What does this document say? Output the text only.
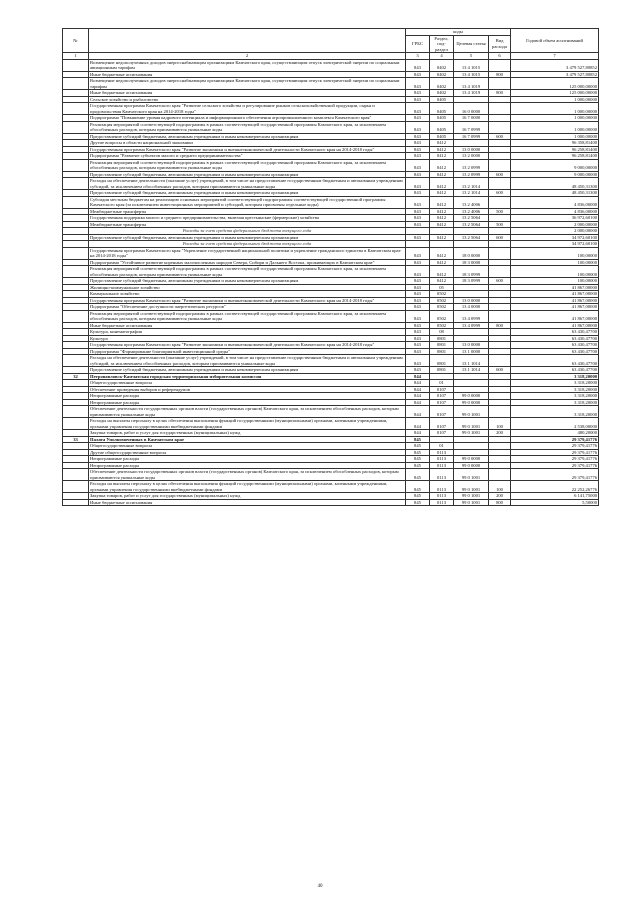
№		коды				Годовой объем ассигнований
		ГРБС	Раздел, под-раздел	Целевая статья	Вид расхода	
1	2	3	4	5	6	7
	Возмещение недополученных доходов энергоснабжающим организациям Камчатского края, осуществляющим отпуск электрической энергии по социальным авиационным тарифам	843	0402	13 4 1015		3 479 527,80852
	Иные бюджетные ассигнования	843	0402	13 4 1015	800	3 479 527,80852
	Возмещение недополученных доходов энергоснабжающим организациям Камчатского края, осуществляющим отпуск электрической энергии по социальным тарифам	843	0402	13 4 1019		125 000,00000
	Иные бюджетные ассигнования	843	0402	13 4 1019	800	125 000,00000
	Сельское хозяйство и рыболовство	843	0405			1 000,00000
	Государственная программа Камчатского края "Развитие сельского хозяйства и регулирование рынков сельскохозяйственной продукции, сырья и продовольствия Камчатского края на 2014-2018 годы"	843	0405	16 0 0000		1 000,00000
	Подпрограмма "Повышение уровня кадрового потенциала и информационного обеспечения агропромышленного комплекса Камчатского края"	843	0405	16 7 0000		1 000,00000
	Реализация мероприятий соответствующей подпрограммы в рамках соответствующей государственной программы Камчатского края, за исключением обособленных расходов, которым присваиваются уникальные коды	843	0405	16 7 0999		1 000,00000
	Предоставление субсидий бюджетным, автономным учреждениям и иным некоммерческим организациям	843	0405	16 7 0999	600	1 000,00000
	Другие вопросы в области национальной экономики	843	0412			96 358,81400
	Государственная программа Камчатского края "Развитие экономики и внешнеэкономической деятельности Камчатского края на 2014-2018 годы"	843	0412	13 0 0000		96 258,81400
	Подпрограмма "Развитие субъектов малого и среднего предпринимательства"	843	0412	13 2 0000		96 258,81400
	Реализация мероприятий соответствующей подпрограммы в рамках соответствующей государственной программы Камчатского края, за исключением обособленных расходов, которым присваиваются уникальные коды	843	0412	13 2 0999		9 000,00000
	Предоставление субсидий бюджетным, автономным учреждениям и иным некоммерческим организациям	843	0412	13 2 0999	600	9 000,00000
	Расходы на обеспечение деятельности (оказание услуг) учреждений, в том числе на предоставление государственным бюджетным и автономным учреждениям субсидий, за исключением обособленных расходов, которым присваиваются уникальные коды	843	0412	13 2 1014		48 450,31300
	Предоставление субсидий бюджетным, автономным учреждениям и иным некоммерческим организациям	843	0412	13 2 1014	600	48 450,31300
	Субсидия местным бюджетам на реализацию основных мероприятий соответствующей подпрограммы соответствующей государственной программы Камчатского края (за исключением инвестиционных мероприятий и субсидий, которым присвоены отдельные коды)	843	0412	13 2 4006		4 836,00000
	Межбюджетные трансферты	843	0412	13 2 4006	500	4 836,00000
	Государственная поддержка малого и среднего предпринимательства, включая крестьянские (фермерские) хозяйства	843	0412	13 2 5064		36 972,60100
	Межбюджетные трансферты	843	0412	13 2 5064	500	2 000,00000
	Расходы за счет средств федерального бюджета текущего года					2 000,00000
	Предоставление субсидий бюджетным, автономным учреждениям и иным некоммерческим организациям	843	0412	13 2 5064	600	34 972,60100
	Расходы за счет средств федерального бюджета текущего года					34 972,60100
	Государственная программа Камчатского края "Укрепление государственной национальной политики и укрепление гражданского единства в Камчатском крае на 2014-2018 годы"	843	0412	18 0 0000		100,00000
	Подпрограмма "Устойчивое развитие коренных малочисленных народов Севера, Сибири и Дальнего Востока, проживающих в Камчатском крае"	843	0412	18 3 0000		100,00000
	Реализация мероприятий соответствующей подпрограммы в рамках соответствующей государственной программы Камчатского края, за исключением обособленных расходов, которым присваиваются уникальные коды	843	0412	18 3 0999		100,00000
	Предоставление субсидий бюджетным, автономным учреждениям и иным некоммерческим организациям	843	0412	18 3 0999	600	100,00000
	Жилищно-коммунальное хозяйство	843	05			41 867,00000
	Коммунальное хозяйство	843	0502			41 867,00000
	Государственная программа Камчатского края "Развитие экономики и внешнеэкономической деятельности Камчатского края на 2014-2018 годы"	843	0502	13 0 0000		41 867,00000
	Подпрограмма "Обеспечение доступности энергетических ресурсов"	843	0502	13 4 0000		41 867,00000
	Реализация мероприятий соответствующей подпрограммы в рамках соответствующей государственной программы Камчатского края, за исключением обособленных расходов, которым присваиваются уникальные коды	843	0502	13 4 0999		41 867,00000
	Иные бюджетные ассигнования	843	0502	13 4 0999	800	41 867,00000
	Культура, кинематография	843	08			63 430,47700
	Культура	843	0801			63 430,47700
	Государственная программа Камчатского края "Развитие экономики и внешнеэкономической деятельности Камчатского края на 2014-2018 годы"	843	0801	13 0 0000		63 430,47700
	Подпрограмма "Формирование благоприятной инвестиционной среды"	843	0801	13 1 0000		63 430,47700
	Расходы на обеспечение деятельности (оказание услуг) учреждений, в том числе на предоставление государственным бюджетным и автономным учреждениям субсидий, за исключением обособленных расходов, которым присваиваются уникальные коды	843	0801	13 1 1014		63 430,47700
	Предоставление субсидий бюджетным, автономным учреждениям и иным некоммерческим организациям	843	0801	13 1 1014	600	63 430,47700
32	Петропавловск-Камчатская городская территориальная избирательная комиссия	844				3 318,20000
	Общегосударственные вопросы	844	01			3 318,20000
	Обеспечение проведения выборов и референдумов	844	0107			3 318,20000
	Непрограммные расходы	844	0107	99 0 0000		3 318,20000
	Непрограммные расходы	844	0107	99 0 0000		3 318,20000
	Обеспечение деятельности государственных органов власти (государственных органов) Камчатского края, за исключением обособленных расходов, которым присваиваются уникальные коды	844	0107	99 0 1001		3 318,20000
	Расходы на выплаты персоналу в целях обеспечения выполнения функций государственными (муниципальными) органами, казенными учреждениями, органами управления государственными внебюджетными фондами	844	0107	99 0 1001	100	2 538,00000
	Закупка товаров, работ и услуг для государственных (муниципальных) нужд	844	0107	99 0 1001	200	480,20000
33	Палата Уполномоченных в Камчатском крае	845				29 379,41776
	Общегосударственные вопросы	845	01			29 379,41776
	Другие общегосударственные вопросы	845	0113			29 379,41776
	Непрограммные расходы	845	0113	99 0 0000		29 379,41776
	Непрограммные расходы	845	0113	99 0 0000		29 379,41776
	Обеспечение деятельности государственных органов власти (государственных органов) Камчатского края, за исключением обособленных расходов, которым присваиваются уникальные коды	845	0113	99 0 1001		29 379,41776
	Расходы на выплаты персоналу в целях обеспечения выполнения функций государственными (муниципальными) органами, казенными учреждениями, органами управления государственными внебюджетными фондами	845	0113	99 0 1001	100	22 252,26776
	Закупка товаров, работ и услуг для государственных (муниципальных) нужд	845	0113	99 0 1001	200	6 141,75000
	Иные бюджетные ассигнования	845	0113	99 0 1001	800	5,50000
40
